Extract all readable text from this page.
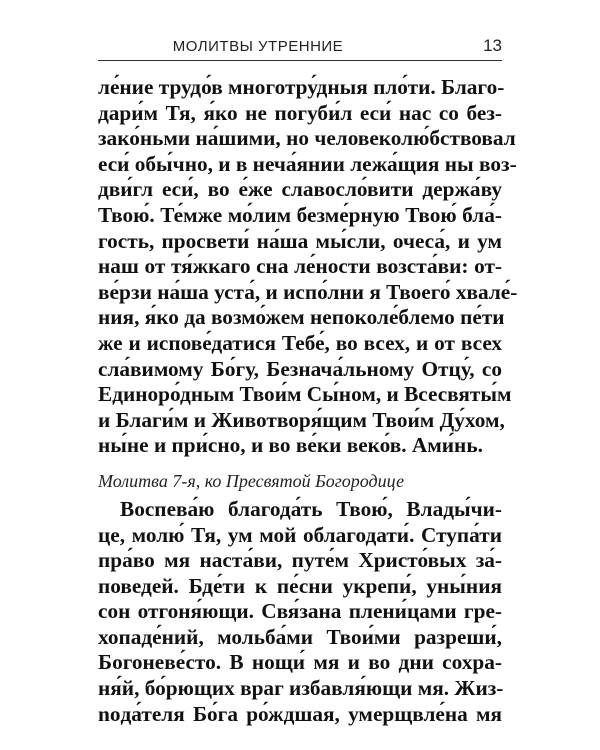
МОЛИТВЫ УТРЕННИЕ	13
ле́ние трудо́в многотру́дныя пло́ти. Благо-
дари́м Тя, я́ко не погуби́л еси́ нас со без-
зако́ньми на́шими, но человеколю́бствовал
еси́ обы́чно, и в неча́янии лежа́щия ны воз-
дви́гл еси́, во е́же славосло́вити держа́ву
Твою́. Те́мже мо́лим безме́рную Твою́ бла́-
гость, просвети́ на́ша мы́сли, очеса́, и ум
наш от тя́жкаго сна ле́ности возста́ви: от-
ве́рзи на́ша уста́, и испо́лни я Твоего́ хвале́-
ния, я́ко да возмо́жем непоколе́блемо пе́ти
же и испове́датися Тебе́, во всех, и от всех
сла́вимому Бо́гу, Безнача́льному Отцу́, со
Единоро́дным Твои́м Сы́ном, и Всесвяты́м
и Благи́м и Животворя́щим Твои́м Ду́хом,
ны́не и при́сно, и во ве́ки веко́в. Ами́нь.
Молитва 7-я, ко Пресвятой Богородице
Воспева́ю благода́ть Твою́, Влады́чи-
це, молю́ Тя, ум мой облагодати́. Ступа́ти
пра́во мя наста́ви, путе́м Христо́вых за́-
поведей. Бде́ти к пе́сни укрепи́, уны́ния
сон отгоня́ющи. Свя́зана плени́цами гре-
хопаде́ний, мольба́ми Твои́ми разреши́,
Богоневе́сто. В нощи́ мя и во дни сохра-
ня́й, бо́рющих враг избавля́ющи мя. Жиз-
noда́теля Бо́га ро́ждшая, умерщвле́на мя
